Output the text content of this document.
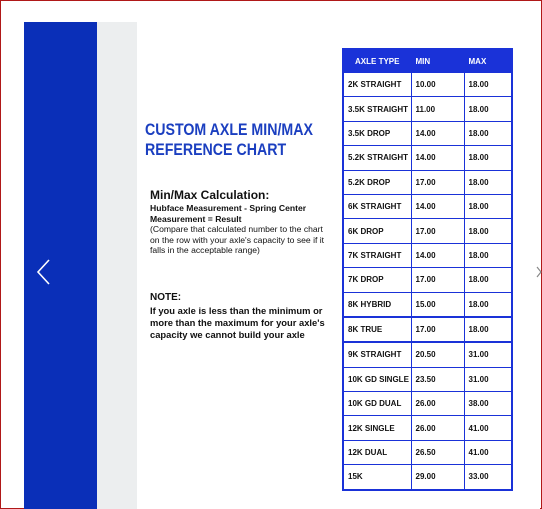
CUSTOM AXLE MIN/MAX
REFERENCE CHART
Min/Max Calculation:
Hubface Measurement - Spring Center Measurement = Result
(Compare that calculated number to the chart on the row with your axle's capacity to see if it falls in the acceptable range)
NOTE:
If you axle is less than the minimum or more than the maximum for your axle's capacity we cannot build your axle
AXLE TYPE	MIN	MAX
2K STRAIGHT	10.00	18.00
3.5K STRAIGHT	11.00	18.00
3.5K DROP	14.00	18.00
5.2K STRAIGHT	14.00	18.00
5.2K DROP	17.00	18.00
6K STRAIGHT	14.00	18.00
6K DROP	17.00	18.00
7K STRAIGHT	14.00	18.00
7K DROP	17.00	18.00
8K HYBRID	15.00	18.00
8K TRUE	17.00	18.00
9K STRAIGHT	20.50	31.00
10K GD SINGLE	23.50	31.00
10K GD DUAL	26.00	38.00
12K SINGLE	26.00	41.00
12K DUAL	26.50	41.00
15K	29.00	33.00
